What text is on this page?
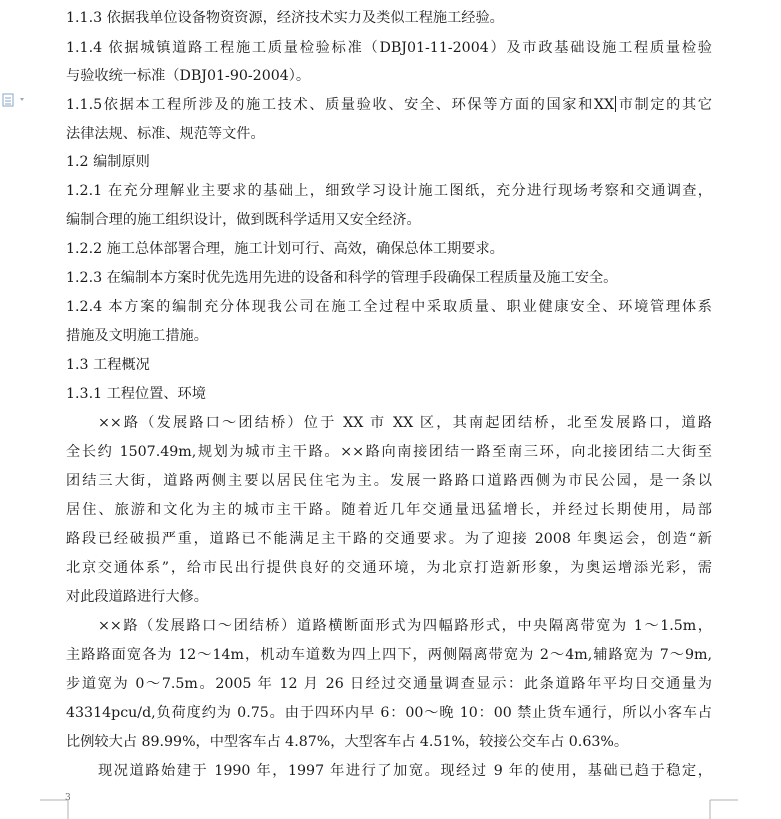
1.1.3 依据我单位设备物资资源，经济技术实力及类似工程施工经验。
1.1.4 依据城镇道路工程施工质量检验标准（DBJ01-11-2004）及市政基础设施工程质量检验
与验收统一标准（DBJ01-90-2004）。
1.1.5依据本工程所涉及的施工技术、质量验收、安全、环保等方面的国家和XX 市制定的其它
法律法规、标准、规范等文件。
1.2 编制原则
1.2.1 在充分理解业主要求的基础上，细致学习设计施工图纸，充分进行现场考察和交通调查，
编制合理的施工组织设计，做到既科学适用又安全经济。
1.2.2 施工总体部署合理，施工计划可行、高效，确保总体工期要求。
1.2.3 在编制本方案时优先选用先进的设备和科学的管理手段确保工程质量及施工安全。
1.2.4 本方案的编制充分体现我公司在施工全过程中采取质量、职业健康安全、环境管理体系
措施及文明施工措施。
1.3 工程概况
1.3.1 工程位置、环境
××路（发展路口～团结桥）位于 XX 市 XX 区，其南起团结桥，北至发展路口，道路
全长约 1507.49m,规划为城市主干路。××路向南接团结一路至南三环，向北接团结二大街至
团结三大街，道路两侧主要以居民住宅为主。发展一路路口道路西侧为市民公园，是一条以
居住、旅游和文化为主的城市主干路。随着近几年交通量迅猛增长，并经过长期使用，局部
路段已经破损严重，道路已不能满足主干路的交通要求。为了迎接 2008 年奥运会，创造“新
北京交通体系”，给市民出行提供良好的交通环境，为北京打造新形象，为奥运增添光彩，需
对此段道路进行大修。
××路（发展路口～团结桥）道路横断面形式为四幅路形式，中央隔离带宽为 1～1.5m，
主路路面宽各为 12～14m，机动车道数为四上四下，两侧隔离带宽为 2～4m,辅路宽为 7～9m,
步道宽为 0～7.5m。2005 年 12 月 26 日经过交通量调查显示：此条道路年平均日交通量为
43314pcu/d,负荷度约为 0.75。由于四环内早 6：00～晚 10：00 禁止货车通行，所以小客车占
比例较大占 89.99%，中型客车占 4.87%，大型客车占 4.51%，较接公交车占 0.63%。
现况道路始建于 1990 年，1997 年进行了加宽。现经过 9 年的使用，基础已趋于稳定，
3
